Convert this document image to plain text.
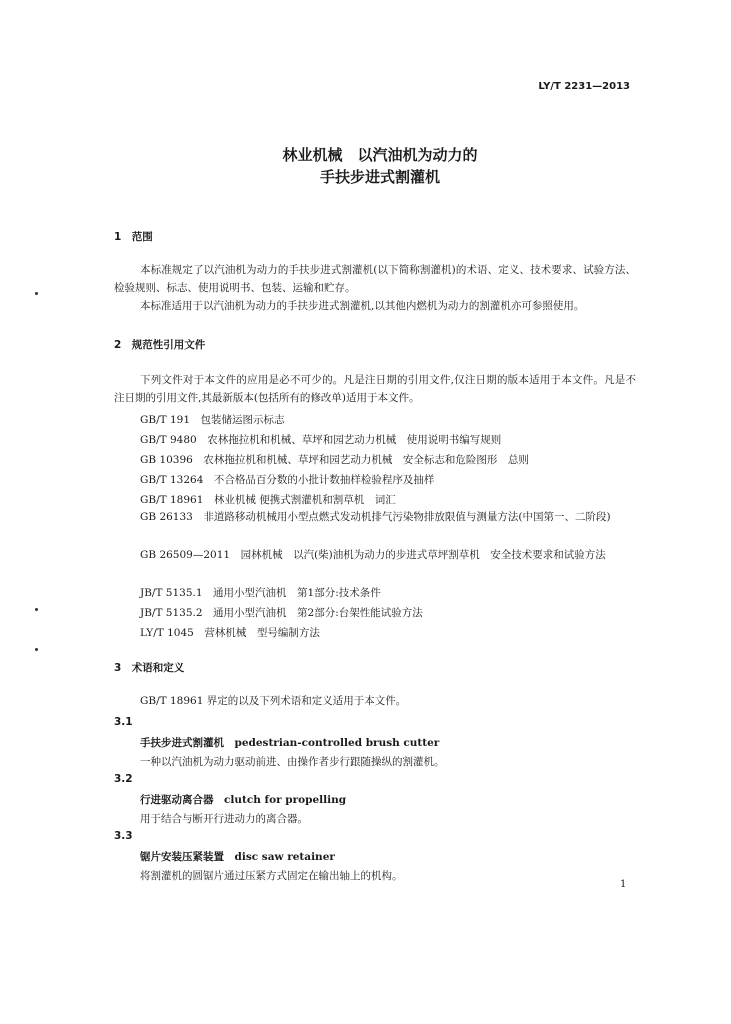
LY/T 2231—2013
林业机械　以汽油机为动力的
手扶步进式割灌机
1　范围

本标准规定了以汽油机为动力的手扶步进式割灌机(以下简称割灌机)的术语、定义、技术要求、试验方法、检验规则、标志、使用说明书、包装、运输和贮存。

本标准适用于以汽油机为动力的手扶步进式割灌机,以其他内燃机为动力的割灌机亦可参照使用。

2　规范性引用文件

下列文件对于本文件的应用是必不可少的。凡是注日期的引用文件,仅注日期的版本适用于本文件。凡是不注日期的引用文件,其最新版本(包括所有的修改单)适用于本文件。

GB/T 191　包装储运图示标志
GB/T 9480　农林拖拉机和机械、草坪和园艺动力机械　使用说明书编写规则
GB 10396　农林拖拉机和机械、草坪和园艺动力机械　安全标志和危险图形　总则
GB/T 13264　不合格品百分数的小批计数抽样检验程序及抽样
GB/T 18961　林业机械 便携式割灌机和割草机　词汇

GB 26133　非道路移动机械用小型点燃式发动机排气污染物排放限值与测量方法(中国第一、二阶段)

GB 26509—2011　园林机械　以汽(柴)油机为动力的步进式草坪割草机　安全技术要求和试验方法

JB/T 5135.1　通用小型汽油机　第1部分:技术条件
JB/T 5135.2　通用小型汽油机　第2部分:台架性能试验方法
LY/T 1045　营林机械　型号编制方法
3　术语和定义
GB/T 18961 界定的以及下列术语和定义适用于本文件。
3.1
手扶步进式割灌机　pedestrian-controlled brush cutter
一种以汽油机为动力驱动前进、由操作者步行跟随操纵的割灌机。
3.2
行进驱动离合器　clutch for propelling
用于结合与断开行进动力的离合器。
3.3
锯片安装压紧装置　disc saw retainer
将割灌机的圆锯片通过压紧方式固定在输出轴上的机构。
1
